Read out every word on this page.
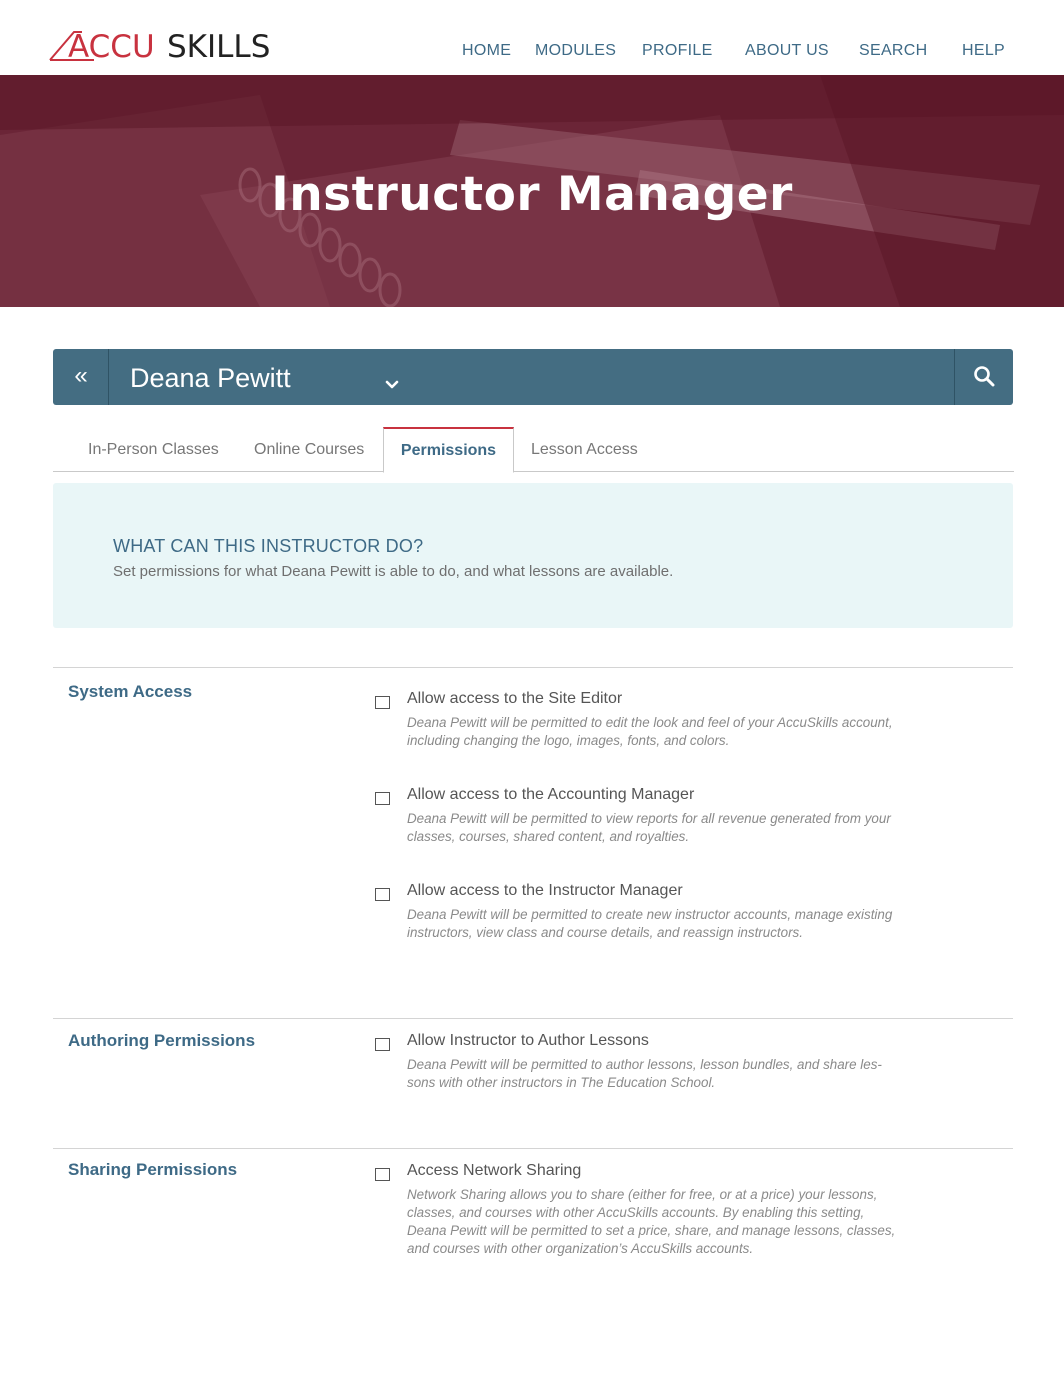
ACCU SKILLS	HOME MODULES PROFILE ABOUT US SEARCH HELP
Instructor Manager
«	Deana Pewitt
In-Person Classes Online Courses	Permissions	Lesson Access
WHAT CAN THIS INSTRUCTOR DO?
Set permissions for what Deana Pewitt is able to do, and what lessons are available.
System Access	Allow access to the Site Editor
Deana Pewitt will be permitted to edit the look and feel of your AccuSkills account,
including changing the logo, images, fonts, and colors.
Allow access to the Accounting Manager
Deana Pewitt will be permitted to view reports for all revenue generated from your
classes, courses, shared content, and royalties.
Allow access to the Instructor Manager
Deana Pewitt will be permitted to create new instructor accounts, manage existing
instructors, view class and course details, and reassign instructors.
Authoring Permissions	Allow Instructor to Author Lessons
Deana Pewitt will be permitted to author lessons, lesson bundles, and share les-
sons with other instructors in The Education School.
Sharing Permissions	Access Network Sharing
Network Sharing allows you to share (either for free, or at a price) your lessons,
classes, and courses with other AccuSkills accounts. By enabling this setting,
Deana Pewitt will be permitted to set a price, share, and manage lessons, classes,
and courses with other organization’s AccuSkills accounts.
